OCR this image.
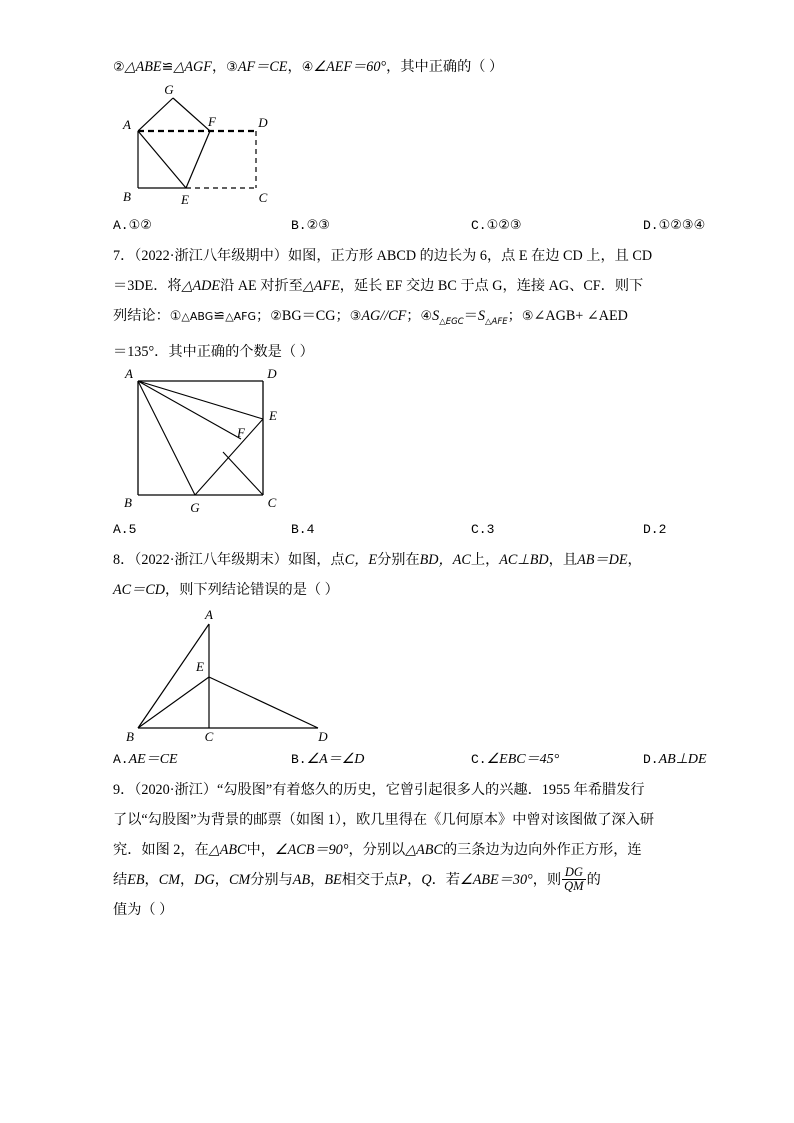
②△ABE≌△AGF，③AF＝CE，④∠AEF＝60°，其中正确的（ ）
G
A	F	D
B	E	C
A.①②	B.②③	C.①②③	D.①②③④
7．（2022·浙江八年级期中）如图，正方形 ABCD 的边长为 6，点 E 在边 CD 上，且 CD
＝3DE．将△ADE沿 AE 对折至△AFE，延长 EF 交边 BC 于点 G，连接 AG、CF．则下
列结论：①△ABG≌△AFG；②BG＝CG；③AG//CF；$④S_{\triangle EGC}=S_{\triangle AFE}$；⑤∠AGB+ ∠AED
＝135°．其中正确的个数是（ ）
A	D
E
F
B	G	C
A.5	B.4	C.3	D.2
8．（2022·浙江八年级期末）如图，点C，E分别在BD，AC上，AC⊥BD，且AB＝DE，
AC＝CD，则下列结论错误的是（ ）
A
E
B	C	D
A.AE＝CE	B.∠A＝∠D	C.∠EBC＝45°	D.AB⊥DE
9．（2020·浙江）“勾股图”有着悠久的历史，它曾引起很多人的兴趣．1955 年希腊发行
了以“勾股图”为背景的邮票（如图 1），欧几里得在《几何原本》中曾对该图做了深入研
究．如图 2，在△ABC中，∠ACB＝90°，分别以△ABC的三条边为边向外作正方形，连
结EB，CM，DG，CM分别与AB，BE相交于点P，Q．若∠ABE＝30°，则 $\frac{DG}{QM}$ 的
值为（ ）
